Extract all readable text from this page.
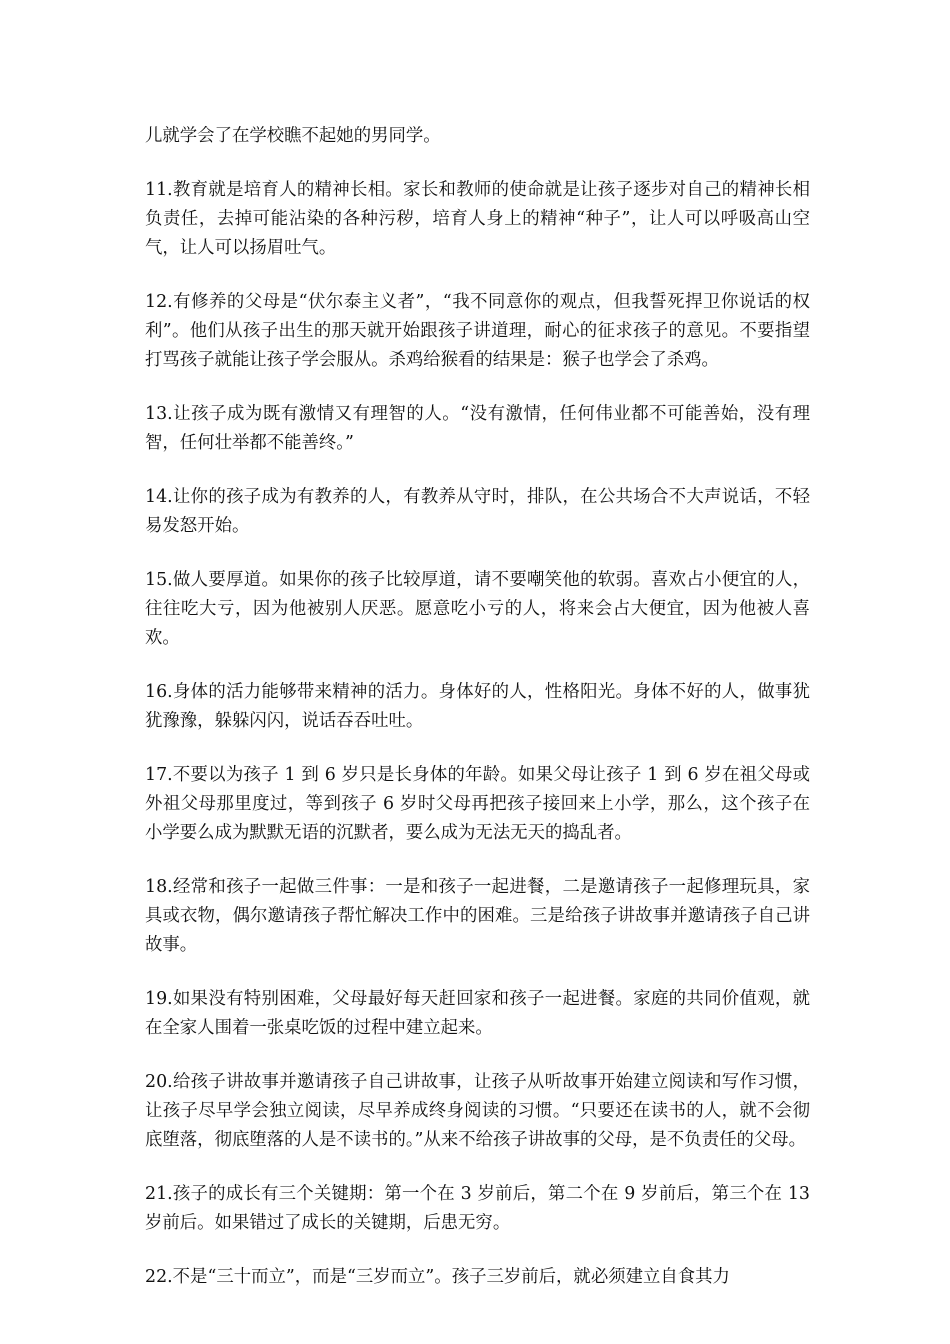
儿就学会了在学校瞧不起她的男同学。

11.教育就是培育人的精神长相。家长和教师的使命就是让孩子逐步对自己的精神长相负责任，去掉可能沾染的各种污秽，培育人身上的精神“种子”，让人可以呼吸高山空气，让人可以扬眉吐气。

12.有修养的父母是“伏尔泰主义者”，“我不同意你的观点，但我誓死捍卫你说话的权利”。他们从孩子出生的那天就开始跟孩子讲道理，耐心的征求孩子的意见。不要指望打骂孩子就能让孩子学会服从。杀鸡给猴看的结果是：猴子也学会了杀鸡。

13.让孩子成为既有激情又有理智的人。“没有激情，任何伟业都不可能善始，没有理智，任何壮举都不能善终。”

14.让你的孩子成为有教养的人，有教养从守时，排队，在公共场合不大声说话，不轻易发怒开始。

15.做人要厚道。如果你的孩子比较厚道，请不要嘲笑他的软弱。喜欢占小便宜的人，往往吃大亏，因为他被别人厌恶。愿意吃小亏的人，将来会占大便宜，因为他被人喜欢。

16.身体的活力能够带来精神的活力。身体好的人，性格阳光。身体不好的人，做事犹犹豫豫，躲躲闪闪，说话吞吞吐吐。

17.不要以为孩子 1 到 6 岁只是长身体的年龄。如果父母让孩子 1 到 6 岁在祖父母或外祖父母那里度过，等到孩子 6 岁时父母再把孩子接回来上小学，那么，这个孩子在小学要么成为默默无语的沉默者，要么成为无法无天的捣乱者。

18.经常和孩子一起做三件事：一是和孩子一起进餐，二是邀请孩子一起修理玩具，家具或衣物，偶尔邀请孩子帮忙解决工作中的困难。三是给孩子讲故事并邀请孩子自己讲故事。

19.如果没有特别困难，父母最好每天赶回家和孩子一起进餐。家庭的共同价值观，就在全家人围着一张桌吃饭的过程中建立起来。

20.给孩子讲故事并邀请孩子自己讲故事，让孩子从听故事开始建立阅读和写作习惯，让孩子尽早学会独立阅读，尽早养成终身阅读的习惯。“只要还在读书的人，就不会彻底堕落，彻底堕落的人是不读书的。”从来不给孩子讲故事的父母，是不负责任的父母。

21.孩子的成长有三个关键期：第一个在 3 岁前后，第二个在 9 岁前后，第三个在 13 岁前后。如果错过了成长的关键期，后患无穷。

22.不是“三十而立”，而是“三岁而立”。孩子三岁前后，就必须建立自食其力
